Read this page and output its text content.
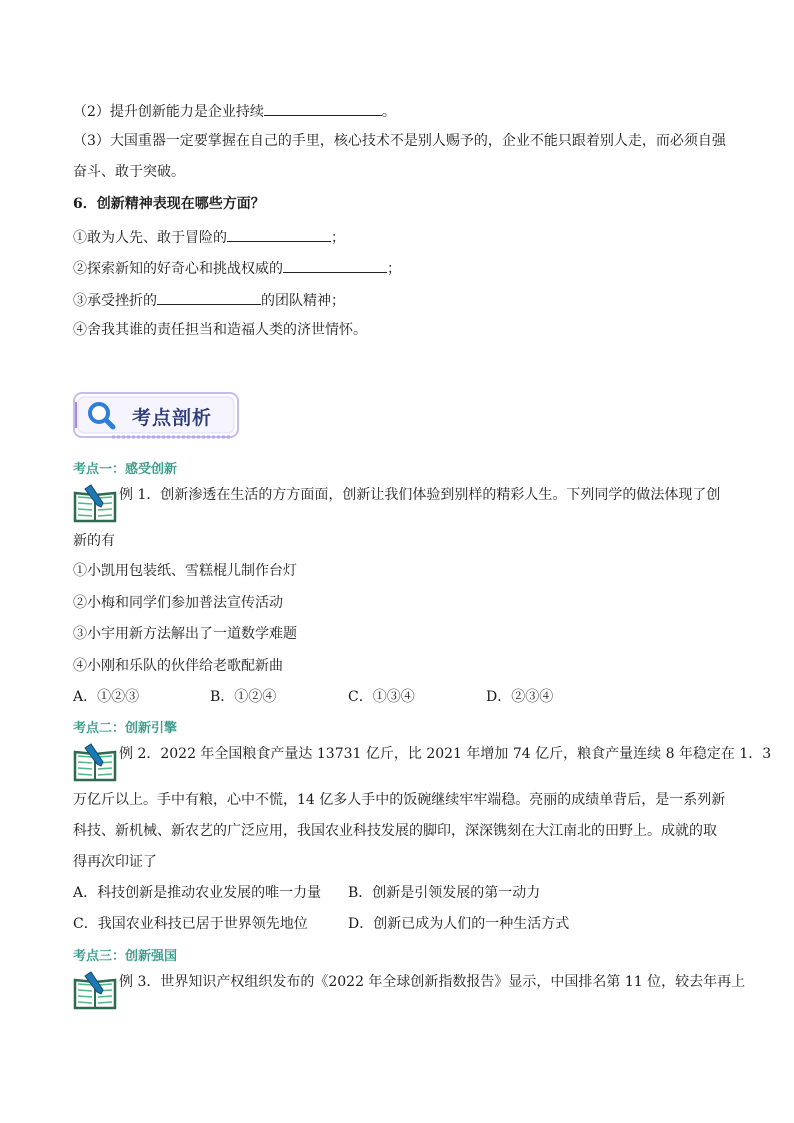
（2）提升创新能力是企业持续	。
（3）大国重器一定要掌握在自己的手里，核心技术不是别人赐予的，企业不能只跟着别人走，而必须自强
奋斗、敢于突破。
6．创新精神表现在哪些方面？
①敢为人先、敢于冒险的	；
②探索新知的好奇心和挑战权威的	；
③承受挫折的	的团队精神；
④舍我其谁的责任担当和造福人类的济世情怀。
考点剖析
考点一：感受创新
例 1．创新渗透在生活的方方面面，创新让我们体验到别样的精彩人生。下列同学的做法体现了创
新的有
①小凯用包装纸、雪糕棍儿制作台灯
②小梅和同学们参加普法宣传活动
③小宇用新方法解出了一道数学难题
④小刚和乐队的伙伴给老歌配新曲
A．①②③	B．①②④	C．①③④	D．②③④
考点二：创新引擎
例 2．2022 年全国粮食产量达 13731 亿斤，比 2021 年增加 74 亿斤，粮食产量连续 8 年稳定在 1．3
万亿斤以上。手中有粮，心中不慌，14 亿多人手中的饭碗继续牢牢端稳。亮丽的成绩单背后，是一系列新
科技、新机械、新农艺的广泛应用，我国农业科技发展的脚印，深深镌刻在大江南北的田野上。成就的取
得再次印证了
A．科技创新是推动农业发展的唯一力量 B．创新是引领发展的第一动力
C．我国农业科技已居于世界领先地位	D．创新已成为人们的一种生活方式
考点三：创新强国
例 3．世界知识产权组织发布的《2022 年全球创新指数报告》显示，中国排名第 11 位，较去年再上
